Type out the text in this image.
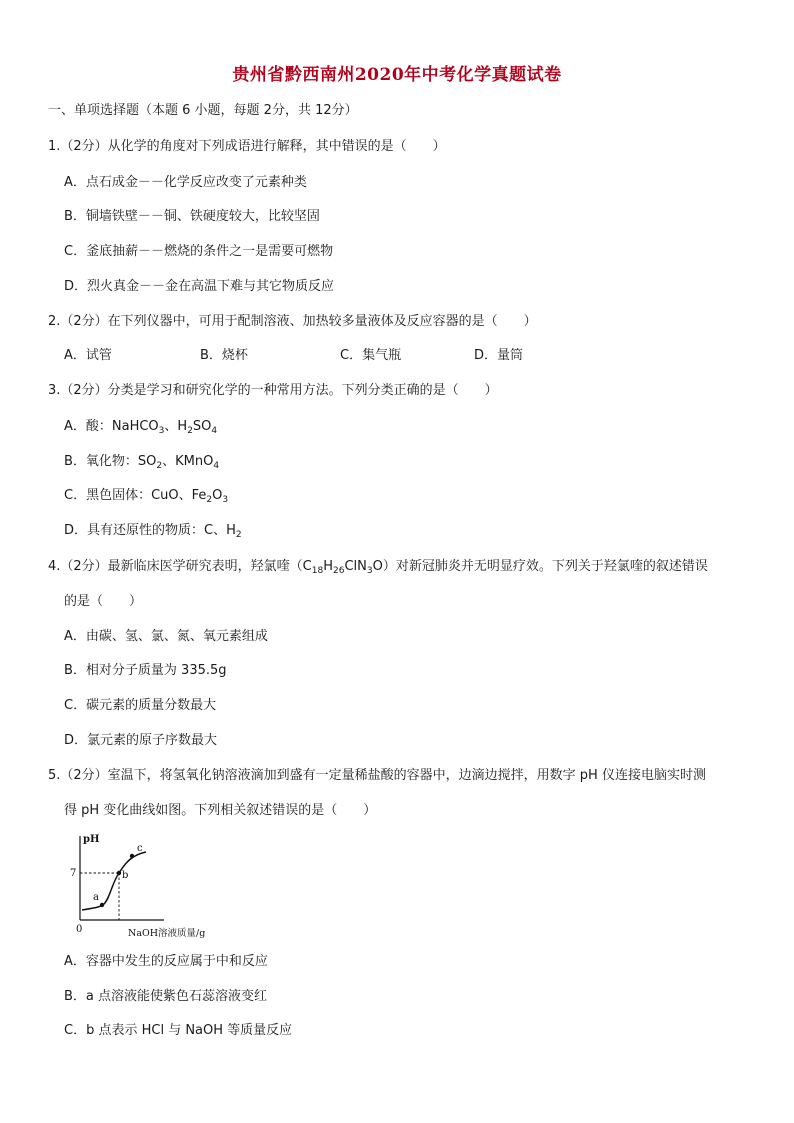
贵州省黔西南州2020年中考化学真题试卷
一、单项选择题（本题 6 小题，每题 2分，共 12分）
1.（2分）从化学的角度对下列成语进行解释，其中错误的是（　　）
A．点石成金－－化学反应改变了元素种类
B．铜墙铁壁－－铜、铁硬度较大，比较坚固
C．釜底抽薪－－燃烧的条件之一是需要可燃物
D．烈火真金－－金在高温下难与其它物质反应
2.（2分）在下列仪器中，可用于配制溶液、加热较多量液体及反应容器的是（　　）
A．试管	B．烧杯	C．集气瓶	D．量筒
3.（2分）分类是学习和研究化学的一种常用方法。下列分类正确的是（　　）
A．酸：NaHCO$_3$、$H_2SO_4$
B．氧化物：$SO_2$、KMnO$_4$
C．黑色固体：CuO、$Fe_2O_3$
D．具有还原性的物质：C、$H_2$
4.（2分）最新临床医学研究表明，羟氯喹$(C_{18}H_{26}ClN_3O)$对新冠肺炎并无明显疗效。下列关于羟氯喹的叙述错误
的是（　　）
A．由碳、氢、氯、氮、氧元素组成
B．相对分子质量为 335.5g
C．碳元素的质量分数最大
D．氯元素的原子序数最大
5.（2分）室温下，将氢氧化钠溶液滴加到盛有一定量稀盐酸的容器中，边滴边搅拌，用数字 pH 仪连接电脑实时测
得 pH 变化曲线如图。下列相关叙述错误的是（　　）
pH
7
0	NaOH溶液质量/g
a
b
c
A．容器中发生的反应属于中和反应
B．a 点溶液能使紫色石蕊溶液变红
C．b 点表示 HCl 与 NaOH 等质量反应
